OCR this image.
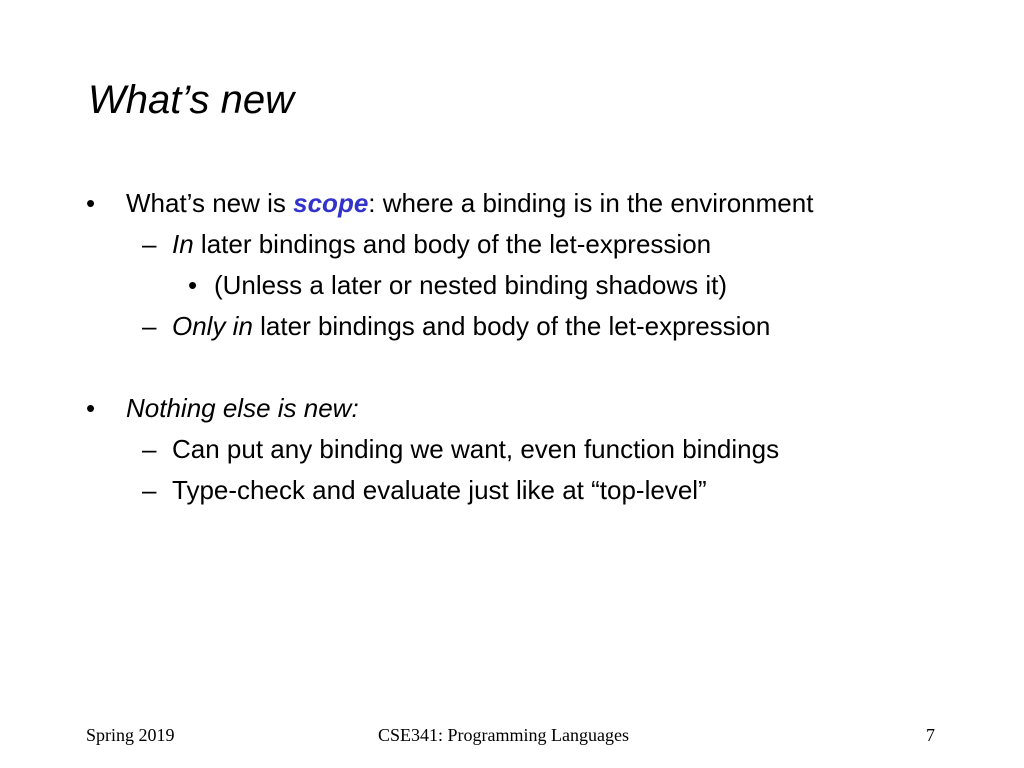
What’s new
• What’s new is scope: where a binding is in the environment
– In later bindings and body of the let-expression
• (Unless a later or nested binding shadows it)
– Only in later bindings and body of the let-expression
• Nothing else is new:
– Can put any binding we want, even function bindings
– Type-check and evaluate just like at “top-level”
Spring 2019	CSE341: Programming Languages	7
